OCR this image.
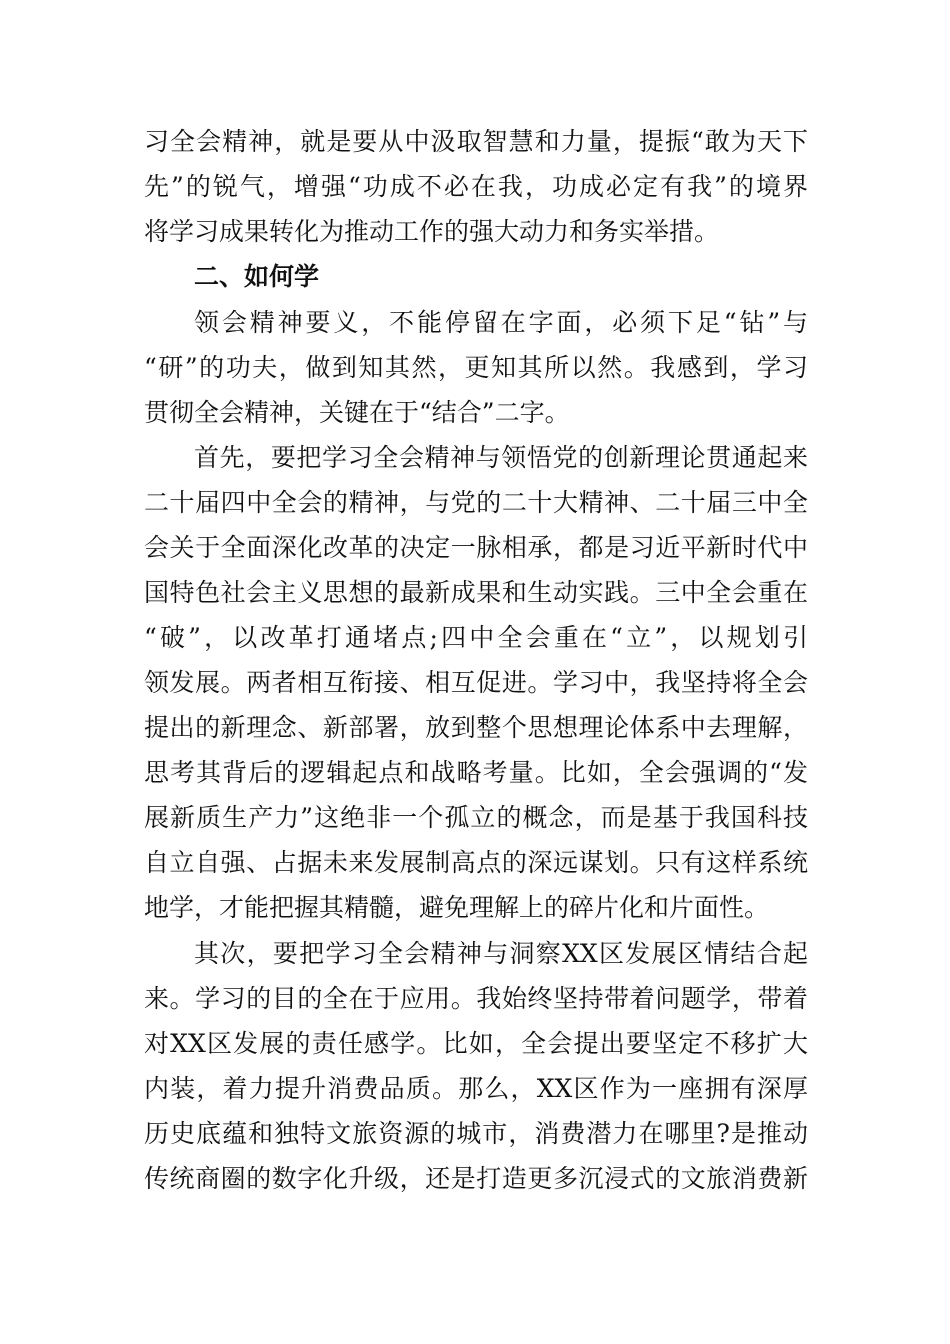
习全会精神，就是要从中汲取智慧和力量，提振“敢为天下
先”的锐气，增强“功成不必在我，功成必定有我”的境界
将学习成果转化为推动工作的强大动力和务实举措。
二、如何学
领会精神要义，不能停留在字面，必须下足“钻”与
“研”的功夫，做到知其然，更知其所以然。我感到，学习
贯彻全会精神，关键在于“结合”二字。
首先，要把学习全会精神与领悟党的创新理论贯通起来
二十届四中全会的精神，与党的二十大精神、二十届三中全
会关于全面深化改革的决定一脉相承，都是习近平新时代中
国特色社会主义思想的最新成果和生动实践。三中全会重在
“破”，以改革打通堵点;四中全会重在“立”，以规划引
领发展。两者相互衔接、相互促进。学习中，我坚持将全会
提出的新理念、新部署，放到整个思想理论体系中去理解，
思考其背后的逻辑起点和战略考量。比如，全会强调的“发
展新质生产力”这绝非一个孤立的概念，而是基于我国科技
自立自强、占据未来发展制高点的深远谋划。只有这样系统
地学，才能把握其精髓，避免理解上的碎片化和片面性。
其次，要把学习全会精神与洞察XX区发展区情结合起
来。学习的目的全在于应用。我始终坚持带着问题学，带着
对XX区发展的责任感学。比如，全会提出要坚定不移扩大
内装，着力提升消费品质。那么，XX区作为一座拥有深厚
历史底蕴和独特文旅资源的城市，消费潜力在哪里?是推动
传统商圈的数字化升级，还是打造更多沉浸式的文旅消费新
